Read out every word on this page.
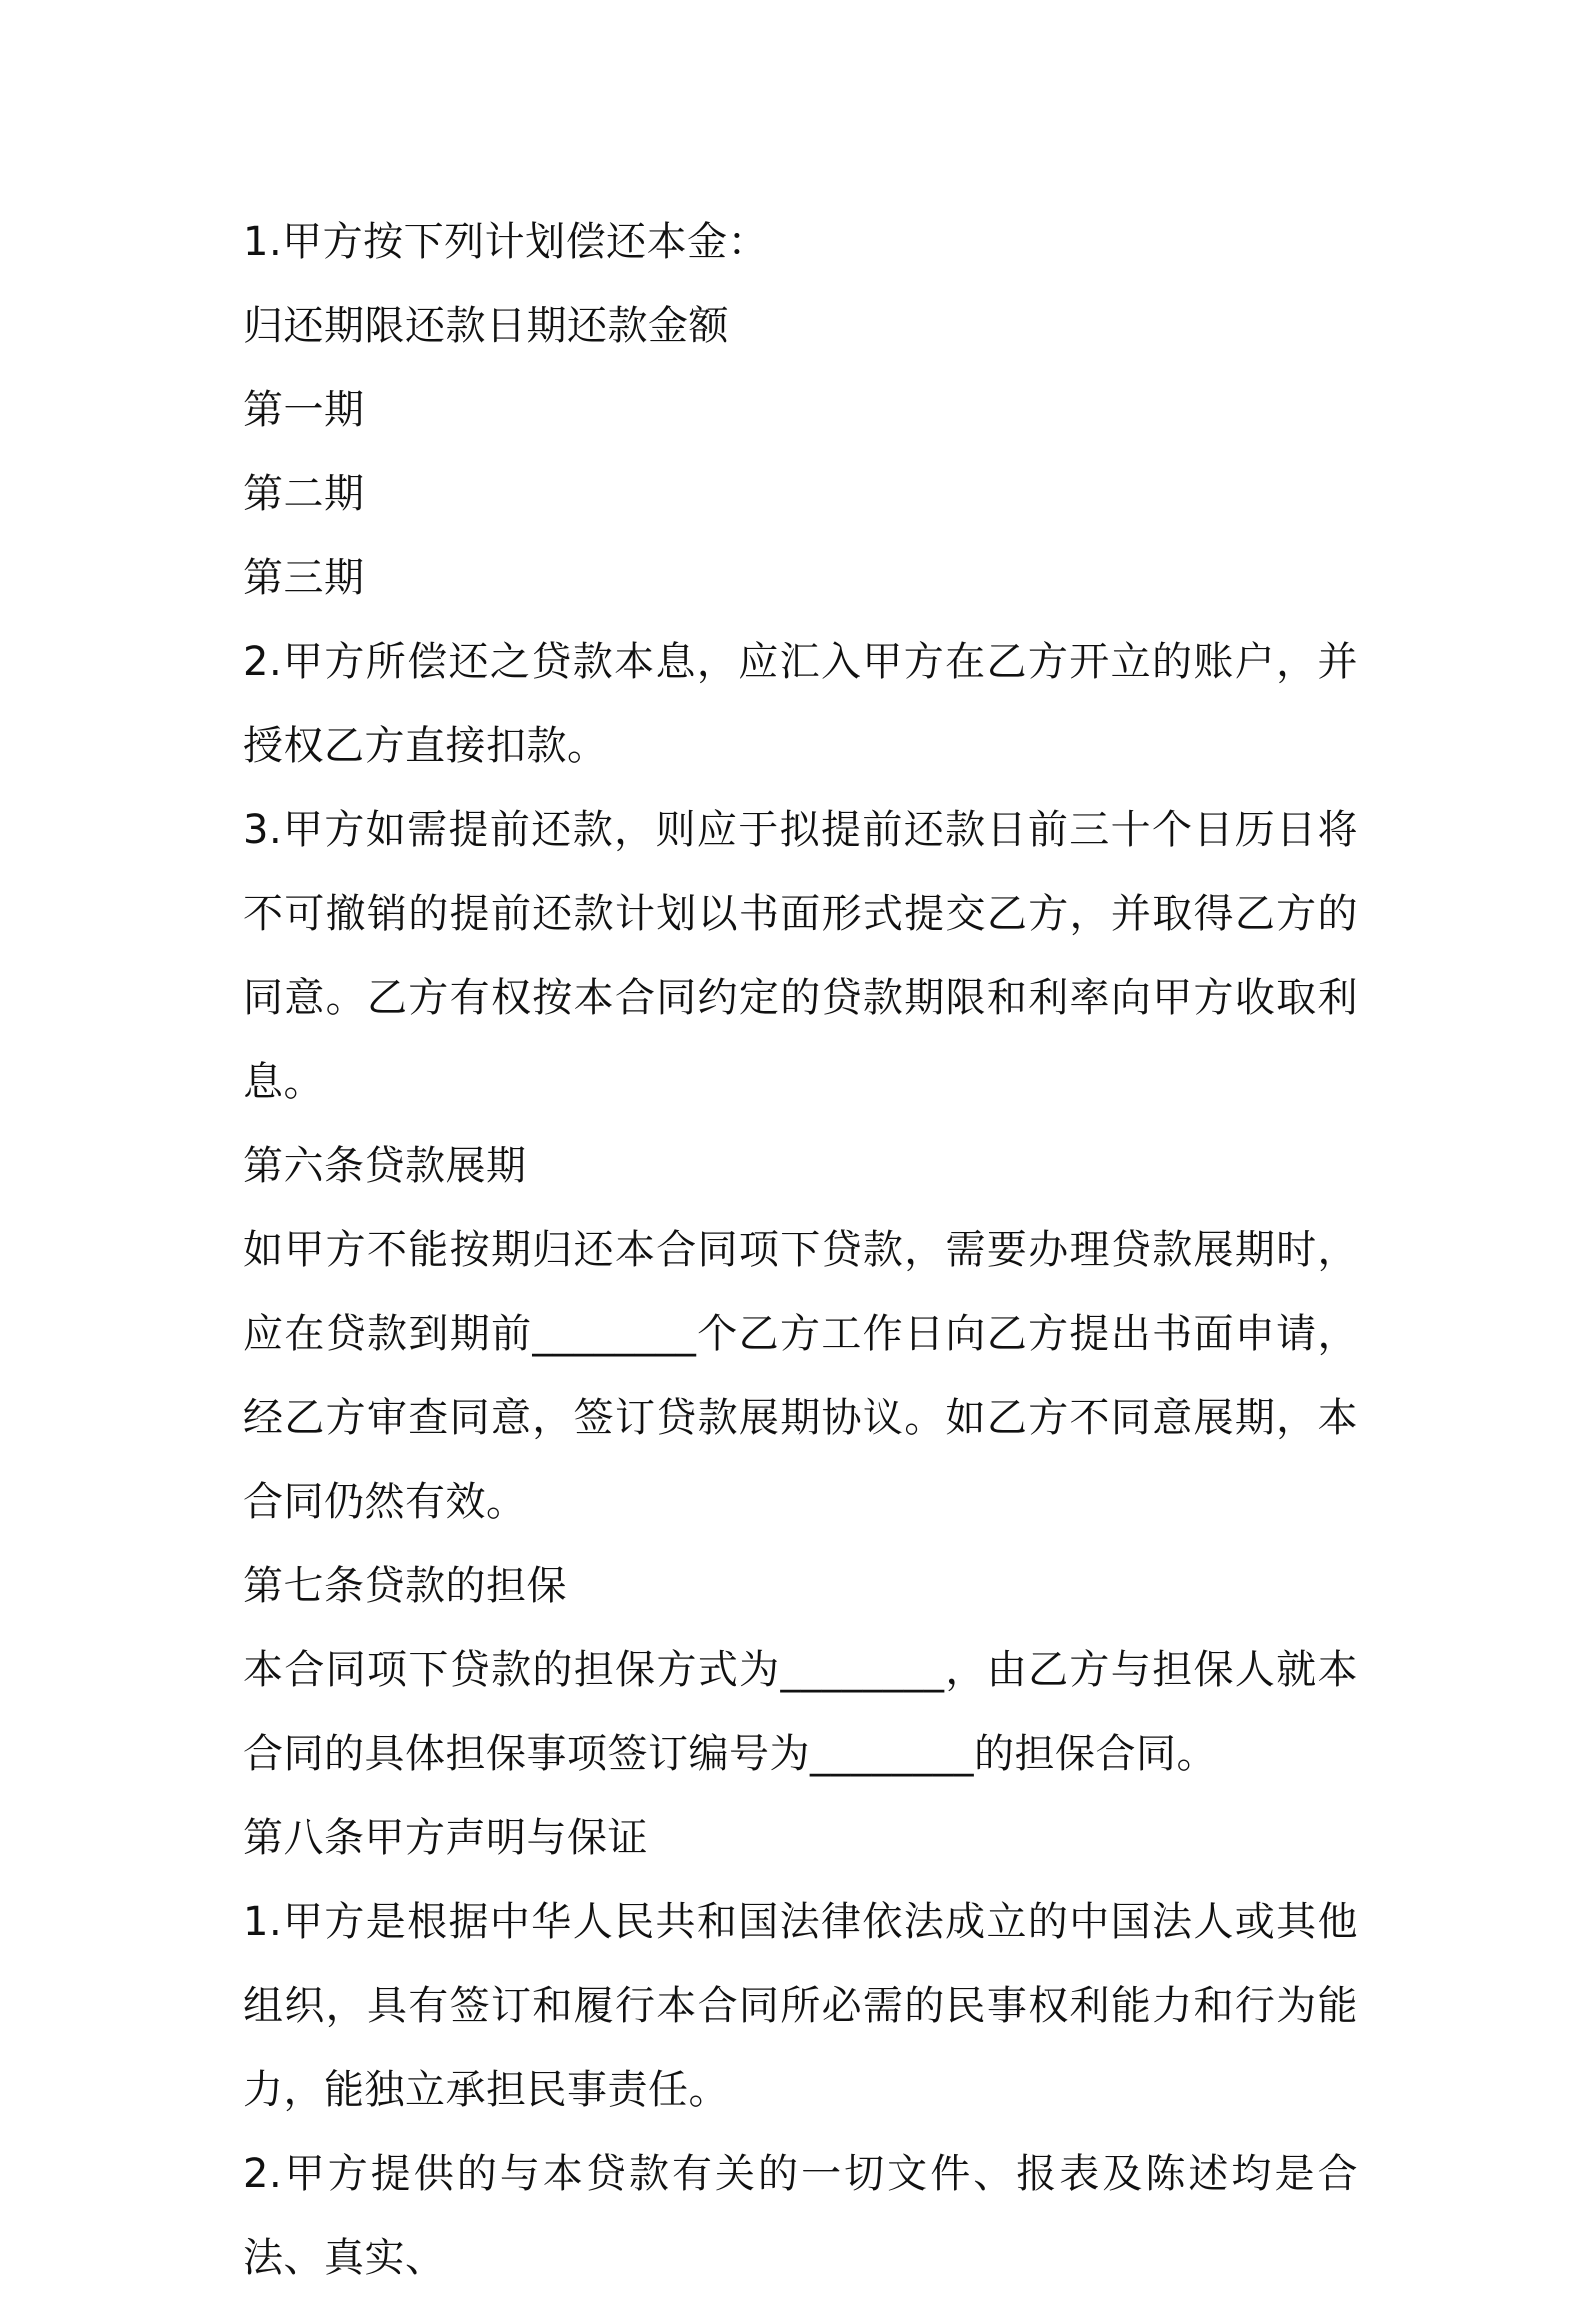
1.甲方按下列计划偿还本金：

归还期限还款日期还款金额

第一期

第二期

第三期

2.甲方所偿还之贷款本息，应汇入甲方在乙方开立的账户，并授权乙方直接扣款。

3.甲方如需提前还款，则应于拟提前还款日前三十个日历日将不可撤销的提前还款计划以书面形式提交乙方，并取得乙方的同意。乙方有权按本合同约定的贷款期限和利率向甲方收取利息。

第六条贷款展期

如甲方不能按期归还本合同项下贷款，需要办理贷款展期时，应在贷款到期前________个乙方工作日向乙方提出书面申请，经乙方审查同意，签订贷款展期协议。如乙方不同意展期，本合同仍然有效。

第七条贷款的担保

本合同项下贷款的担保方式为________，由乙方与担保人就本合同的具体担保事项签订编号为________的担保合同。

第八条甲方声明与保证

1.甲方是根据中华人民共和国法律依法成立的中国法人或其他组织，具有签订和履行本合同所必需的民事权利能力和行为能力，能独立承担民事责任。

2.甲方提供的与本贷款有关的一切文件、报表及陈述均是合法、真实、
